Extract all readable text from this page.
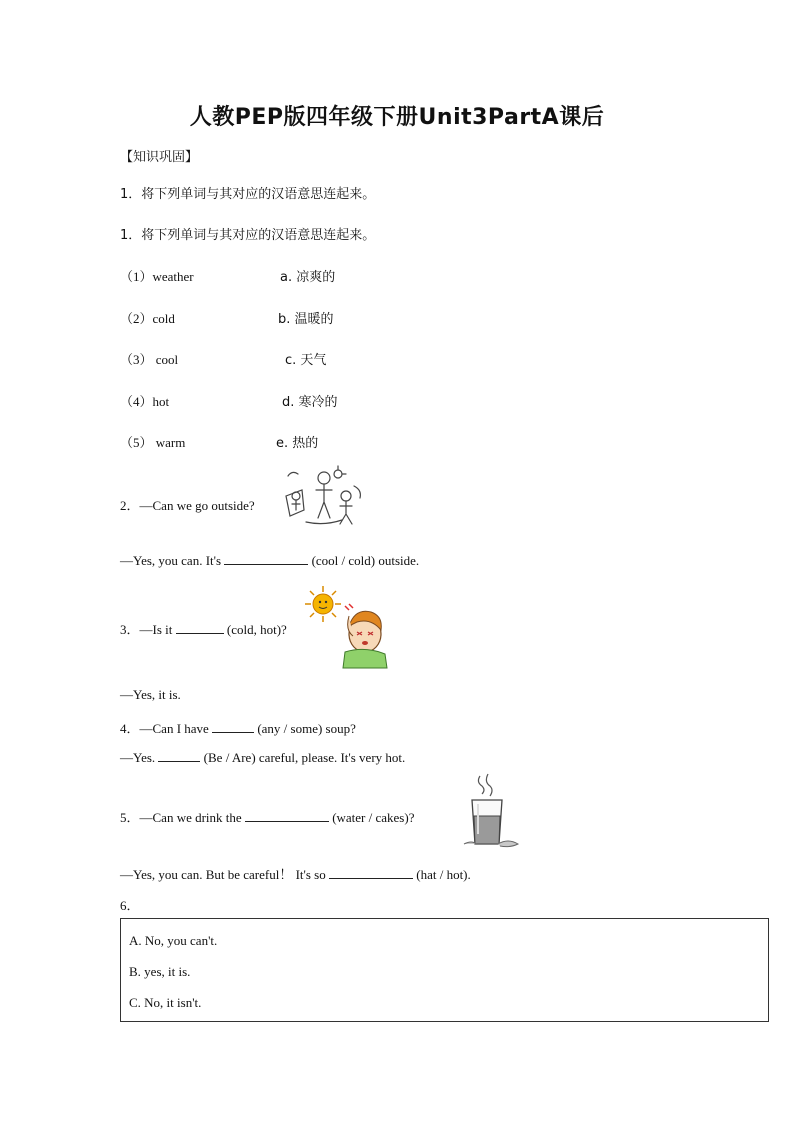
人教PEP版四年级下册Unit3PartA课后
【知识巩固】
1．将下列单词与其对应的汉语意思连起来。
1．将下列单词与其对应的汉语意思连起来。
（1）weather	a. 凉爽的
（2）cold	b. 温暖的
（3） cool	c. 天气
（4）hot	d. 寒冷的
（5） warm	e. 热的
2．—Can we go outside?
—Yes, you can. It's	(cool / cold) outside.
3．—Is it	(cold, hot)?
—Yes, it is.
4．—Can I have	(any / some) soup?
—Yes.	(Be / Are) careful, please. It's very hot.
5．—Can we drink the	(water / cakes)?
—Yes, you can. But be careful！ It's so	(hat / hot).
6．
A. No, you can't.
B. yes, it is.
C. No, it isn't.
